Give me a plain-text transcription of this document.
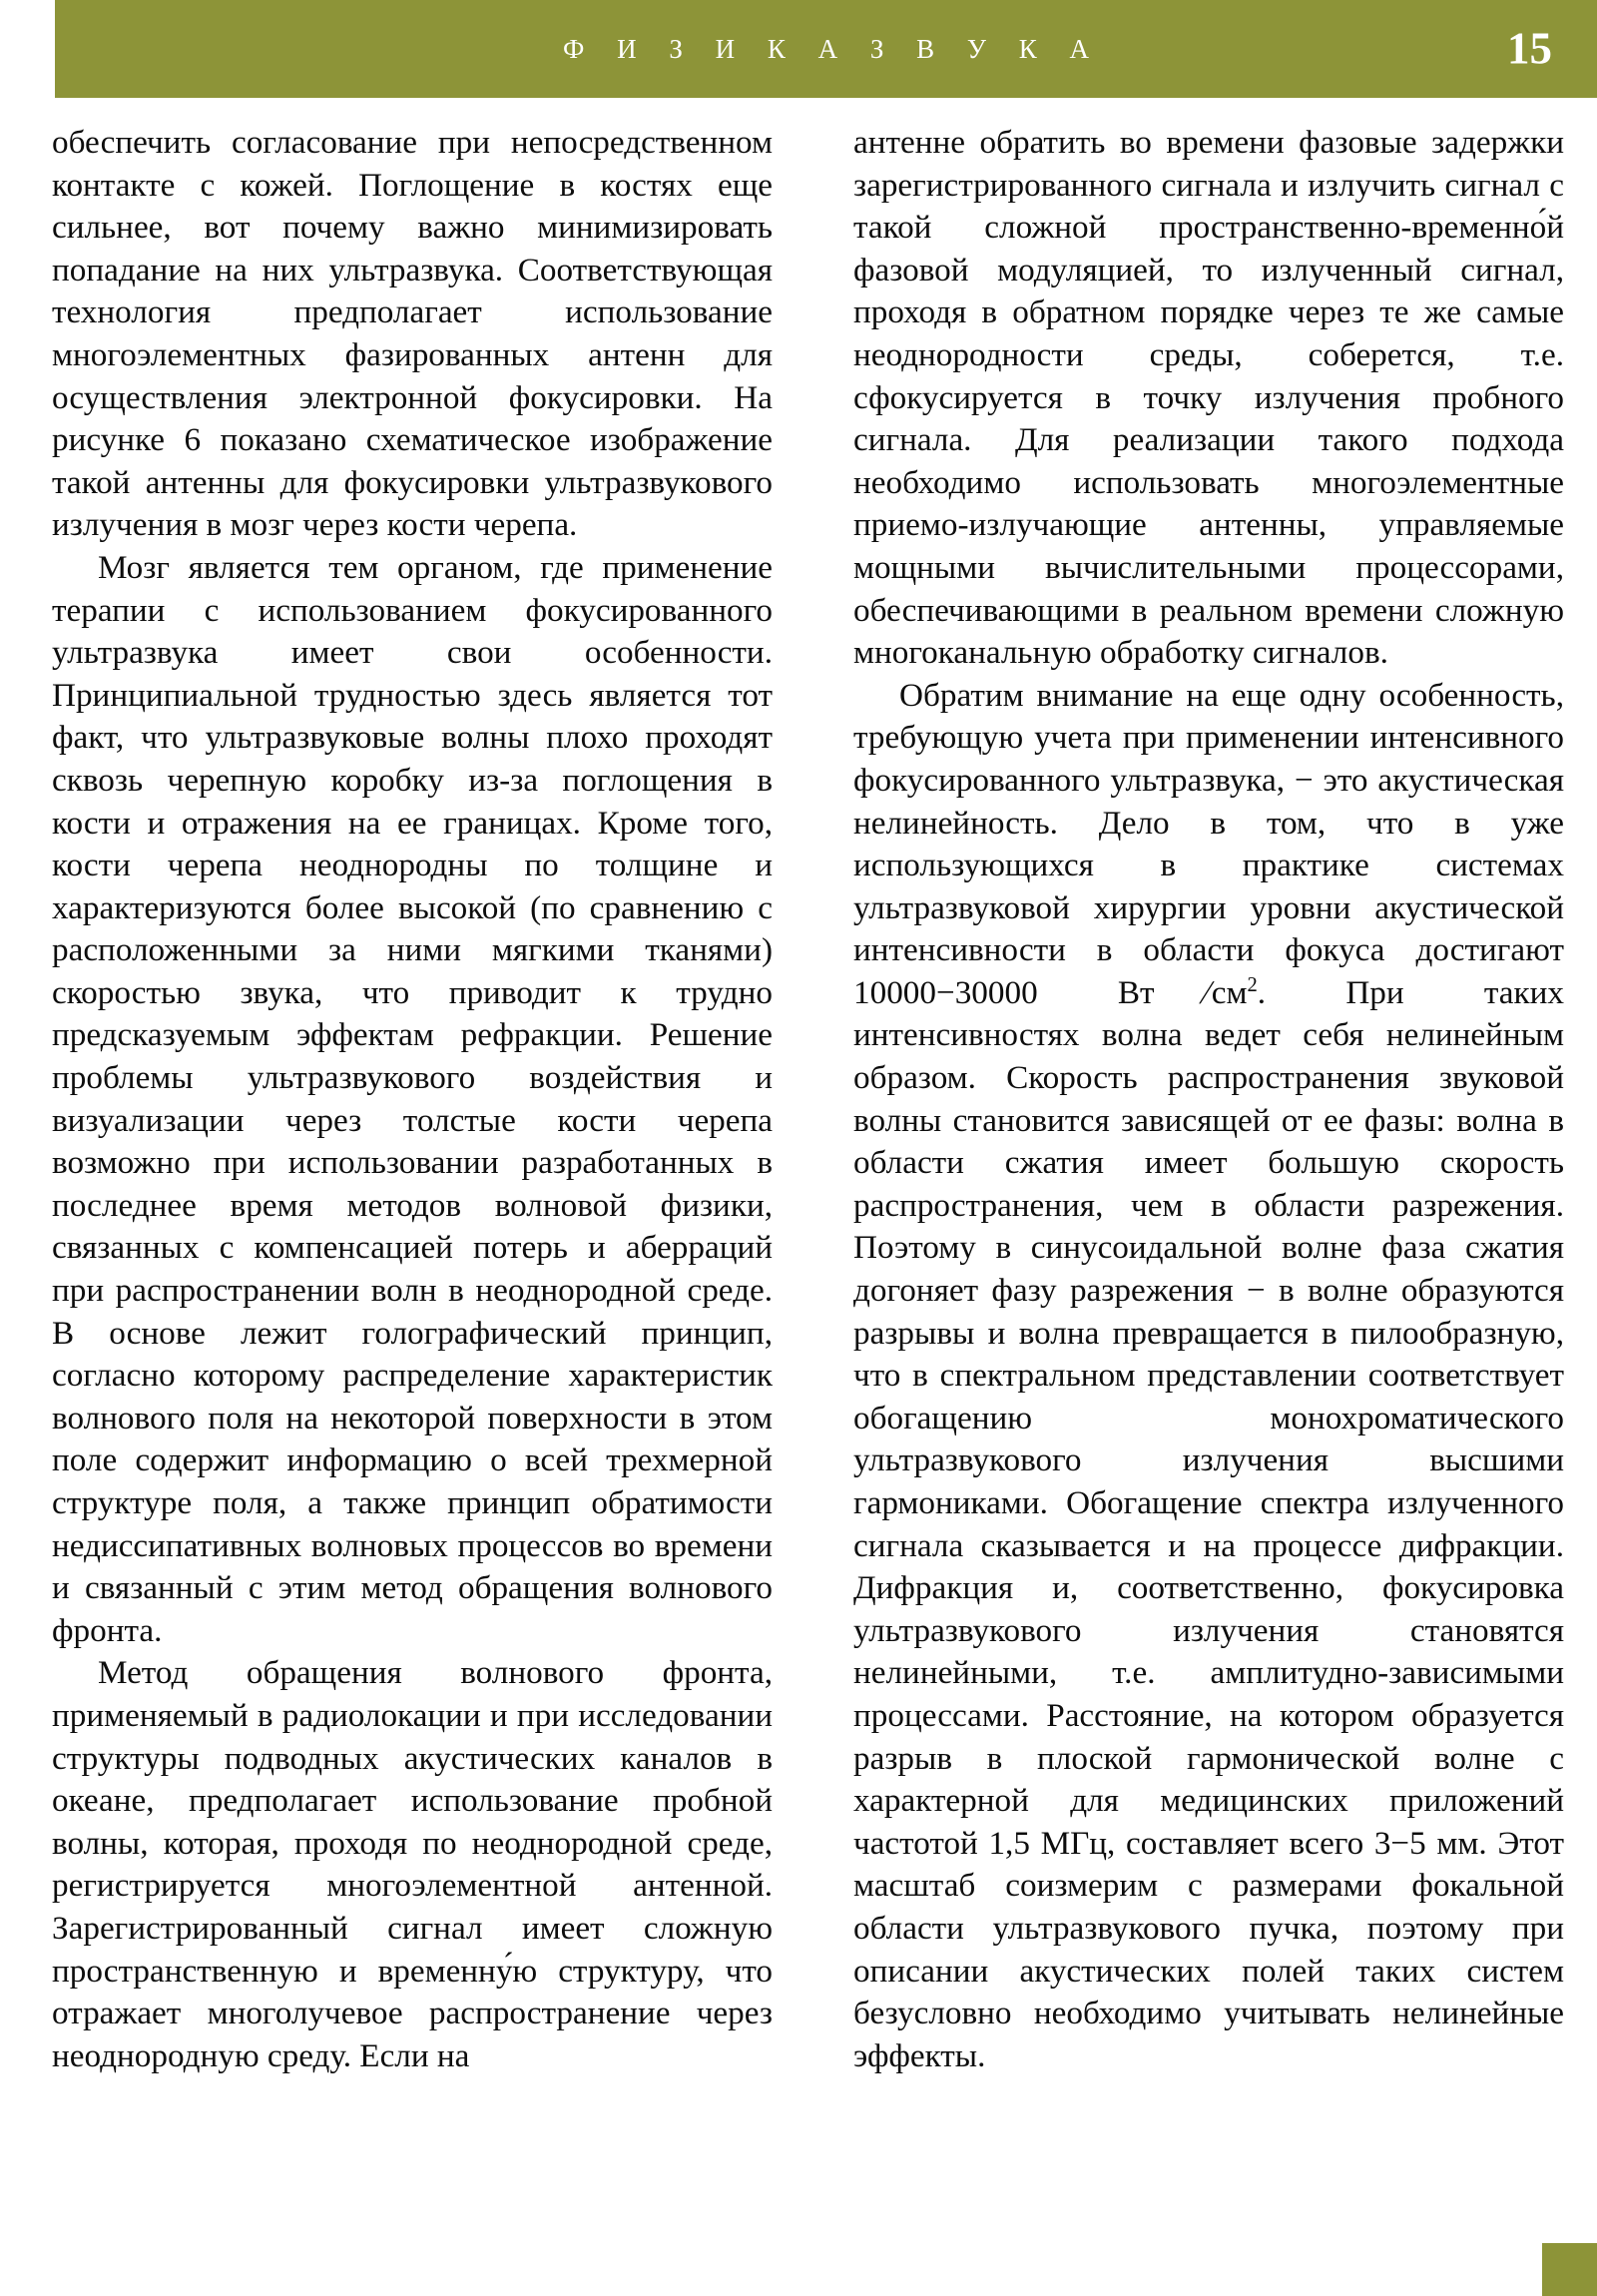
Ф И З И К А З В У К А	15

обеспечить согласование при непосредственном контакте с кожей. Поглощение в костях еще сильнее, вот почему важно минимизировать попадание на них ультразвука. Соответствующая технология предполагает использование многоэлементных фазированных антенн для осуществления электронной фокусировки. На рисунке 6 показано схематическое изображение такой антенны для фокусировки ультразвукового излучения в мозг через кости черепа.

Мозг является тем органом, где применение терапии с использованием фокусированного ультразвука имеет свои особенности. Принципиальной трудностью здесь является тот факт, что ультразвуковые волны плохо проходят сквозь черепную коробку из-за поглощения в кости и отражения на ее границах. Кроме того, кости черепа неоднородны по толщине и характеризуются более высокой (по сравнению с расположенными за ними мягкими тканями) скоростью звука, что приводит к трудно предсказуемым эффектам рефракции. Решение проблемы ультразвукового воздействия и визуализации через толстые кости черепа возможно при использовании разработанных в последнее время методов волновой физики, связанных с компенсацией потерь и аберраций при распространении волн в неоднородной среде. В основе лежит голографический принцип, согласно которому распределение характеристик волнового поля на некоторой поверхности в этом поле содержит информацию о всей трехмерной структуре поля, а также принцип обратимости недиссипативных волновых процессов во времени и связанный с этим метод обращения волнового фронта.

Метод обращения волнового фронта, применяемый в радиолокации и при исследовании структуры подводных акустических каналов в океане, предполагает использование пробной волны, которая, проходя по неоднородной среде, регистрируется многоэлементной антенной. Зарегистрированный сигнал имеет сложную пространственную и временну́ю структуру, что отражает многолучевое распространение через неоднородную среду. Если на

антенне обратить во времени фазовые задержки зарегистрированного сигнала и излучить сигнал с такой сложной пространственно-временно́й фазовой модуляцией, то излученный сигнал, проходя в обратном порядке через те же самые неоднородности среды, соберется, т.е. сфокусируется в точку излучения пробного сигнала. Для реализации такого подхода необходимо использовать многоэлементные приемо-излучающие антенны, управляемые мощными вычислительными процессорами, обеспечивающими в реальном времени сложную многоканальную обработку сигналов.

Обратим внимание на еще одну особенность, требующую учета при применении интенсивного фокусированного ультразвука, − это акустическая нелинейность. Дело в том, что в уже использующихся в практике системах ультразвуковой хирургии уровни акустической интенсивности в области фокуса достигают 10000−30000 Вт $/см^2$. При таких интенсивностях волна ведет себя нелинейным образом. Скорость распространения звуковой волны становится зависящей от ее фазы: волна в области сжатия имеет большую скорость распространения, чем в области разрежения. Поэтому в синусоидальной волне фаза сжатия догоняет фазу разрежения − в волне образуются разрывы и волна превращается в пилообразную, что в спектральном представлении соответствует обогащению монохроматического ультразвукового излучения высшими гармониками. Обогащение спектра излученного сигнала сказывается и на процессе дифракции. Дифракция и, соответственно, фокусировка ультразвукового излучения становятся нелинейными, т.е. амплитудно-зависимыми процессами. Расстояние, на котором образуется разрыв в плоской гармонической волне с характерной для медицинских приложений частотой 1,5 МГц, составляет всего 3−5 мм. Этот масштаб соизмерим с размерами фокальной области ультразвукового пучка, поэтому при описании акустических полей таких систем безусловно необходимо учитывать нелинейные эффекты.
